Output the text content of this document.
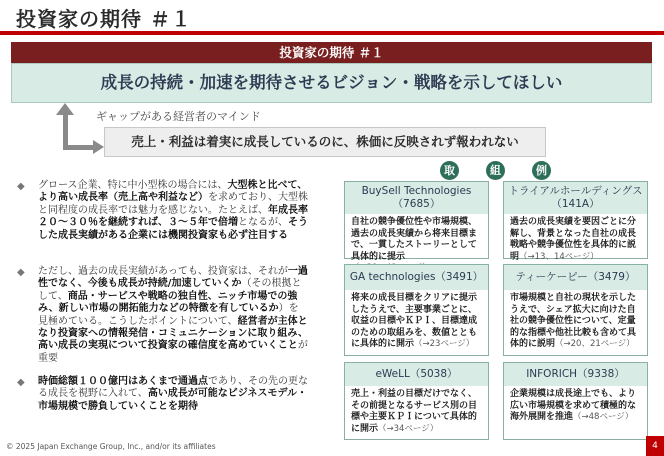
投資家の期待 ＃１
投資家の期待 ＃１
成長の持続・加速を期待させるビジョン・戦略を示してほしい
ギャップがある経営者のマインド
売上・利益は着実に成長しているのに、株価に反映されず報われない
取	組	例
◆ グロース企業、特に中小型株の場合には、大型株と比べて、より高い成長率（売上高や利益など）を求めており、大型株と同程度の成長率では魅力を感じない。たとえば、年成長率２０～３０％を継続すれば、３～５年で倍増となるが、そうした成長実績がある企業には機関投資家も必ず注目する
◆ ただし、過去の成長実績があっても、投資家は、それが一過性でなく、今後も成長が持続/加速していくか（その根拠として、商品・サービスや戦略の独自性、ニッチ市場での強み、新しい市場の開拓能力などの特徴を有しているか）を見極めている。こうしたポイントについて、経営者が主体となり投資家への情報発信・コミュニケーションに取り組み、高い成長の実現について投資家の確信度を高めていくことが重要
◆ 時価総額１００億円はあくまで通過点であり、その先の更なる成長を視野に入れて、高い成長が可能なビジネスモデル・市場規模で勝負していくことを期待
BuySell Technologies
（7685）
自社の競争優位性や市場規模、過去の成長実績から将来目標まで、一貫したストーリーとして具体的に提示
トライアルホールディングス（141A）
過去の成長実績を要因ごとに分解し、背景となった自社の成長戦略や競争優位性を具体的に説明（→13、14ページ）
GA technologies（3491）
将来の成長目標をクリアに提示したうえで、主要事業ごとに、収益の目標やＫＰＩ、目標達成のための取組みを、数値とともに具体的に開示（→23ページ）
ティーケーピー（3479）
市場規模と自社の現状を示したうえで、シェア拡大に向けた自社の競争優位性について、定量的な指標や他社比較も含めて具体的に説明（→20、21ページ）
eWeLL（5038）
売上・利益の目標だけでなく、その前提となるサービス別の目標や主要ＫＰＩについて具体的に開示（→34ページ）
INFORICH（9338）
企業規模は成長途上でも、より広い市場規模を求めて積極的な海外展開を推進（→48ページ）
© 2025 Japan Exchange Group, Inc., and/or its affiliates	4
